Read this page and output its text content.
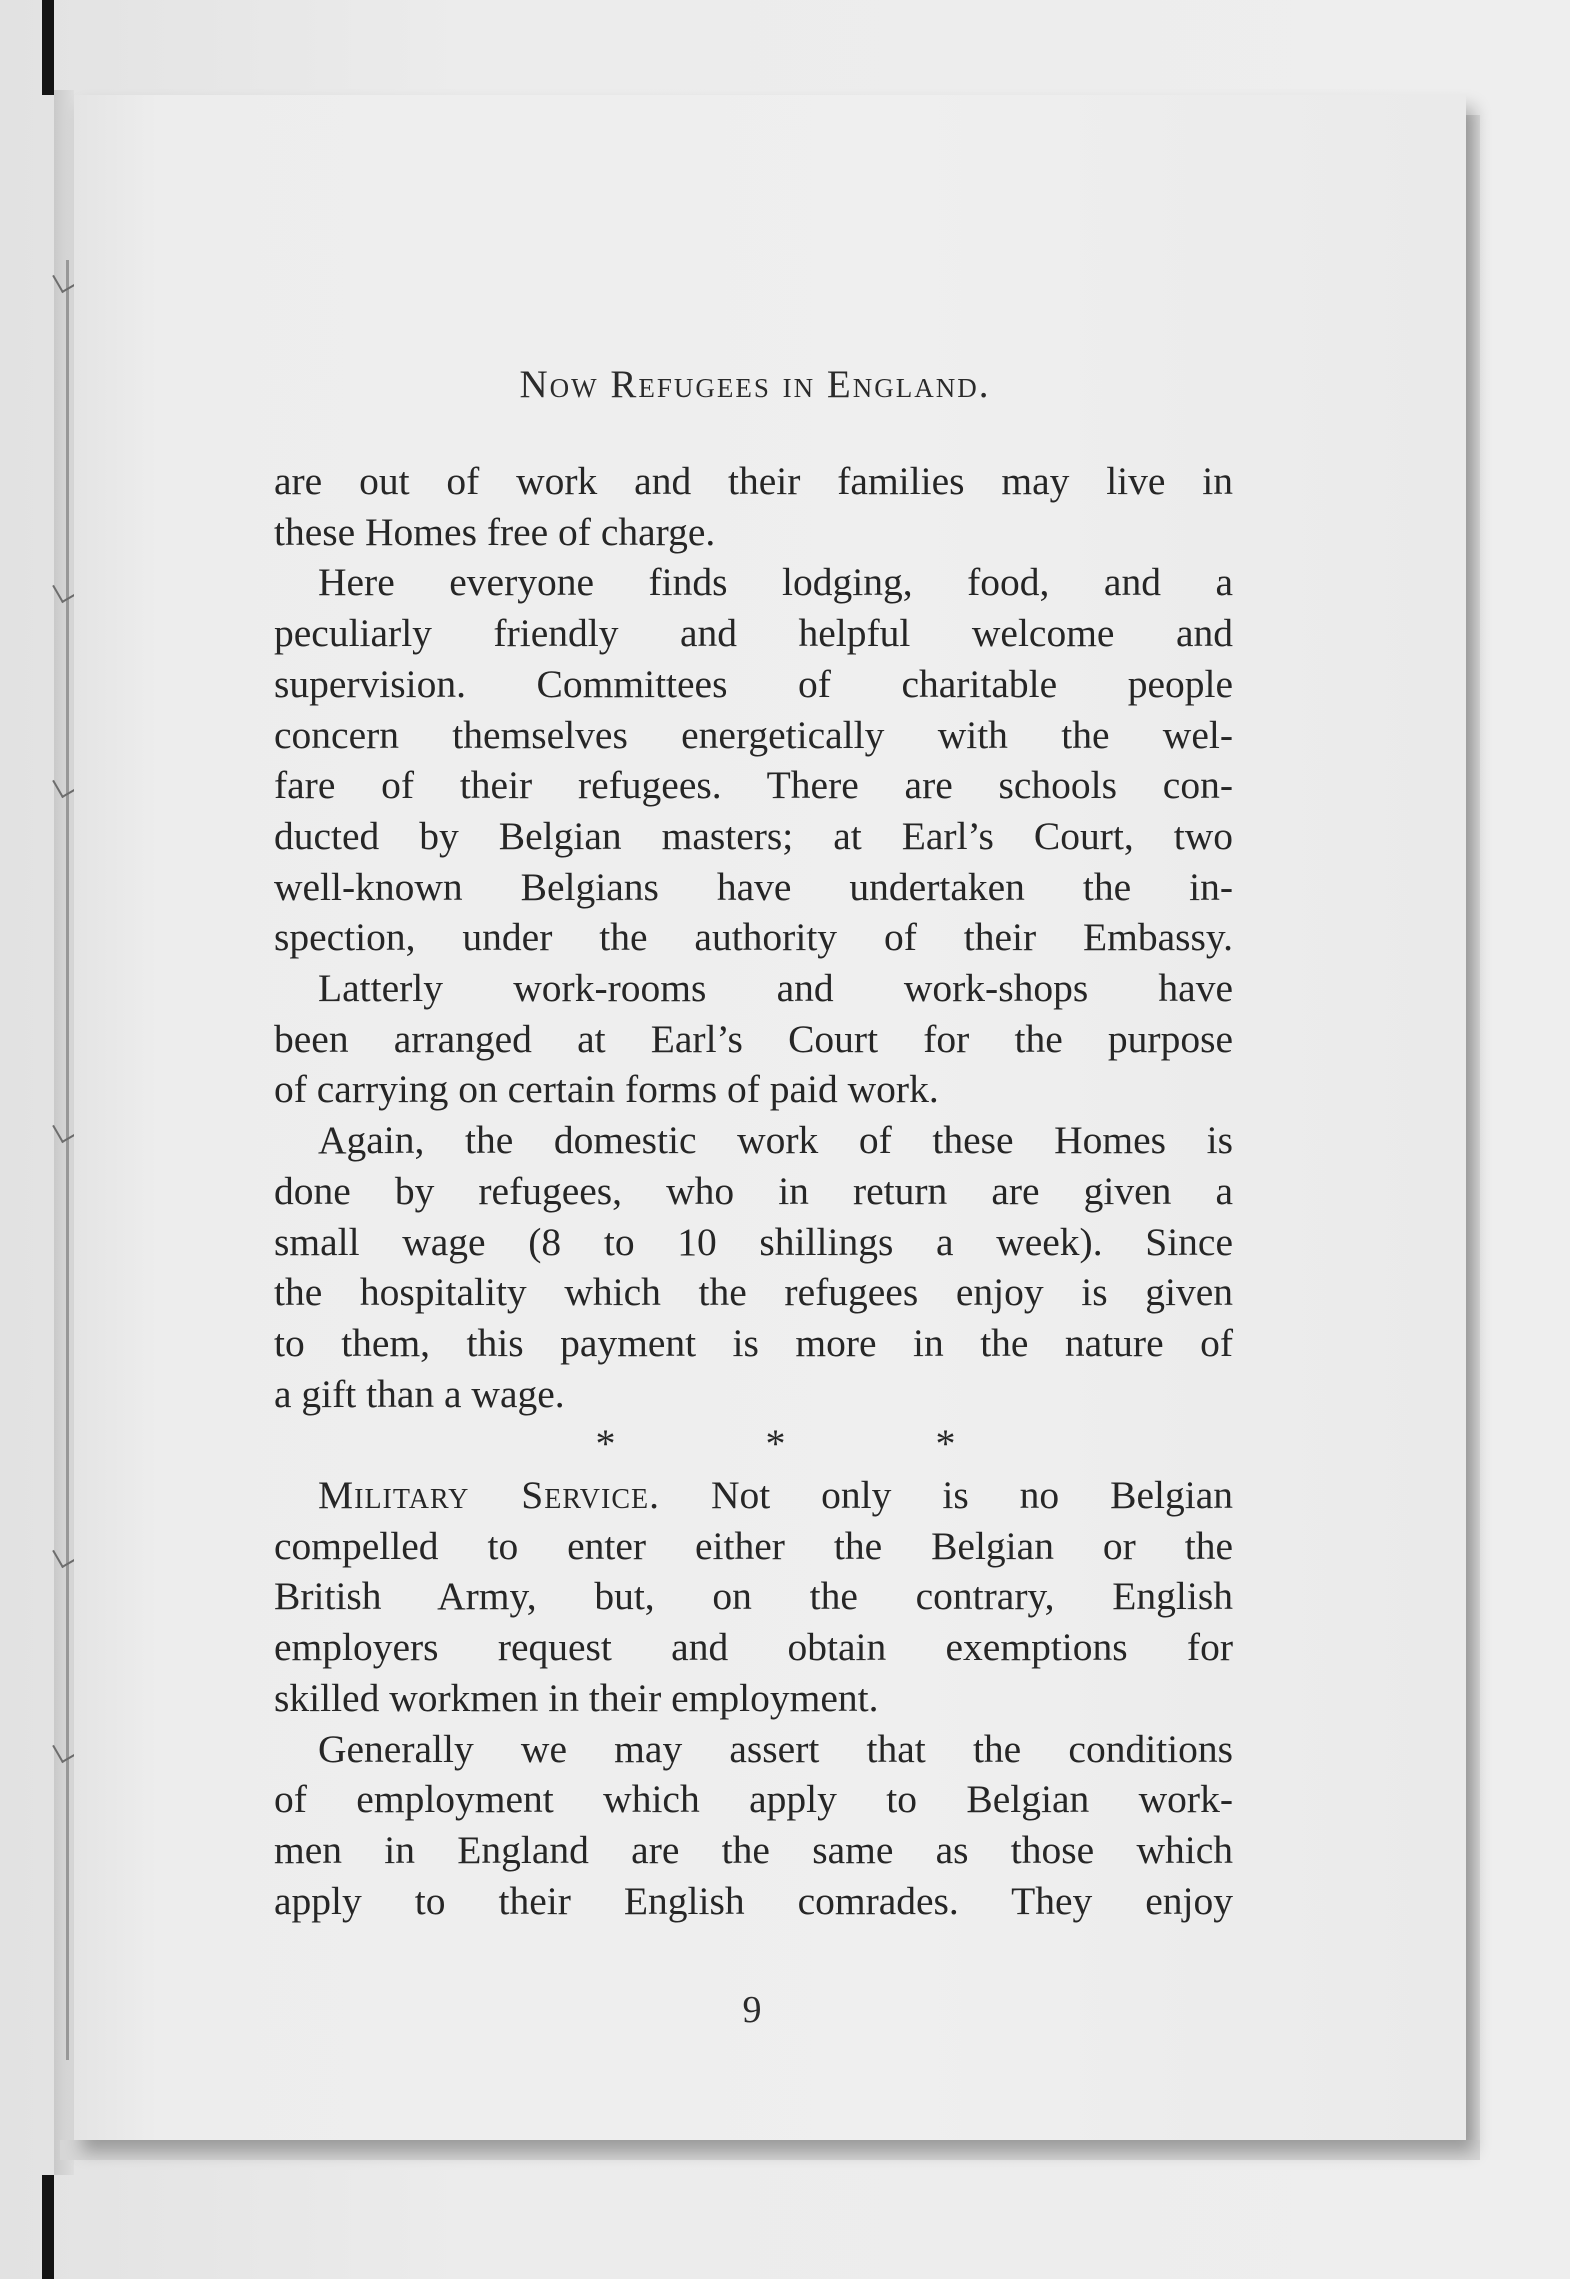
Now Refugees in England.
are out of work and their families may live in
these Homes free of charge.
Here everyone finds lodging, food, and a
peculiarly friendly and helpful welcome and
supervision. Committees of charitable people
concern themselves energetically with the wel-
fare of their refugees. There are schools con-
ducted by Belgian masters; at Earl’s Court, two
well-known Belgians have undertaken the in-
spection, under the authority of their Embassy.
Latterly work-rooms and work-shops have
been arranged at Earl’s Court for the purpose
of carrying on certain forms of paid work.
Again, the domestic work of these Homes is
done by refugees, who in return are given a
small wage (8 to 10 shillings a week). Since
the hospitality which the refugees enjoy is given
to them, this payment is more in the nature of
a gift than a wage.
*	*	*
Military Service. Not only is no Belgian
compelled to enter either the Belgian or the
British Army, but, on the contrary, English
employers request and obtain exemptions for
skilled workmen in their employment.
Generally we may assert that the conditions
of employment which apply to Belgian work-
men in England are the same as those which
apply to their English comrades. They enjoy
9
